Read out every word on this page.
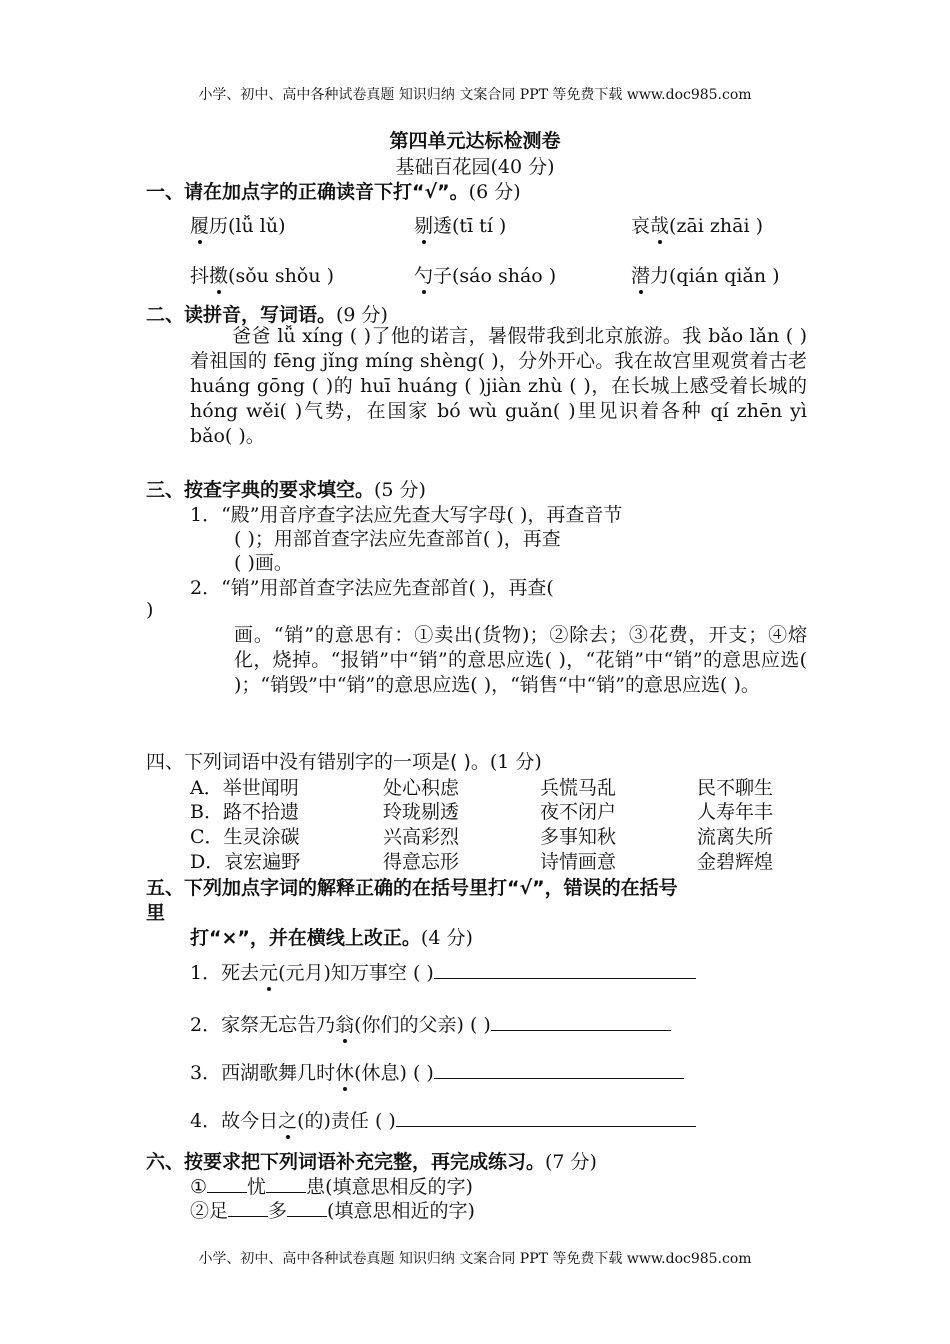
小学、初中、高中各种试卷真题 知识归纳 文案合同 PPT 等免费下载 www.doc985.com
第四单元达标检测卷
基础百花园(40 分)
一、请在加点字的正确读音下打“√”。(6 分)
履历(lǚ lǔ)	剔透(tī tí )	哀哉(zāi zhāi )
抖擞(sǒu shǒu )	勺子(sáo sháo )	潜力(qián qiǎn )
二、读拼音，写词语。(9 分)
爸爸 lǚ xíng ( )了他的诺言，暑假带我到北京旅游。我 bǎo lǎn ( )着祖国的 fēng jǐng míng shèng( )，分外开心。我在故宫里观赏着古老 huáng gōng ( )的 huī huáng ( )jiàn zhù ( )，在长城上感受着长城的 hóng wěi( )气势，在国家 bó wù guǎn( )里见识着各种 qí zhēn yì bǎo( )。
三、按查字典的要求填空。(5 分)
1．“殿”用音序查字法应先查大写字母( )，再查音节
( )；用部首查字法应先查部首( )，再查
( )画。
2．“销”用部首查字法应先查部首( )，再查(
)
画。“销”的意思有：①卖出(货物)；②除去；③花费，开支；④熔化，烧掉。“报销”中“销”的意思应选( )，“花销”中“销”的意思应选( )；“销毁”中“销”的意思应选( )，“销售“中“销”的意思应选( )。
四、下列词语中没有错别字的一项是( )。(1 分)
A．举世闻明	处心积虑	兵慌马乱	民不聊生
B．路不拾遗	玲珑剔透	夜不闭户	人寿年丰
C．生灵涂碳	兴高彩烈	多事知秋	流离失所
D．哀宏遍野	得意忘形	诗情画意	金碧辉煌
五、下列加点字词的解释正确的在括号里打“√”，错误的在括号
里
打“×”，并在横线上改正。(4 分)
1．死去元(元月)知万事空 ( )
2．家祭无忘告乃翁(你们的父亲) ( )
3．西湖歌舞几时休(休息) ( )
4．故今日之(的)责任 ( )
六、按要求把下列词语补充完整，再完成练习。(7 分)
① 忧 患(填意思相反的字)
②足 多 (填意思相近的字)
小学、初中、高中各种试卷真题 知识归纳 文案合同 PPT 等免费下载 www.doc985.com
